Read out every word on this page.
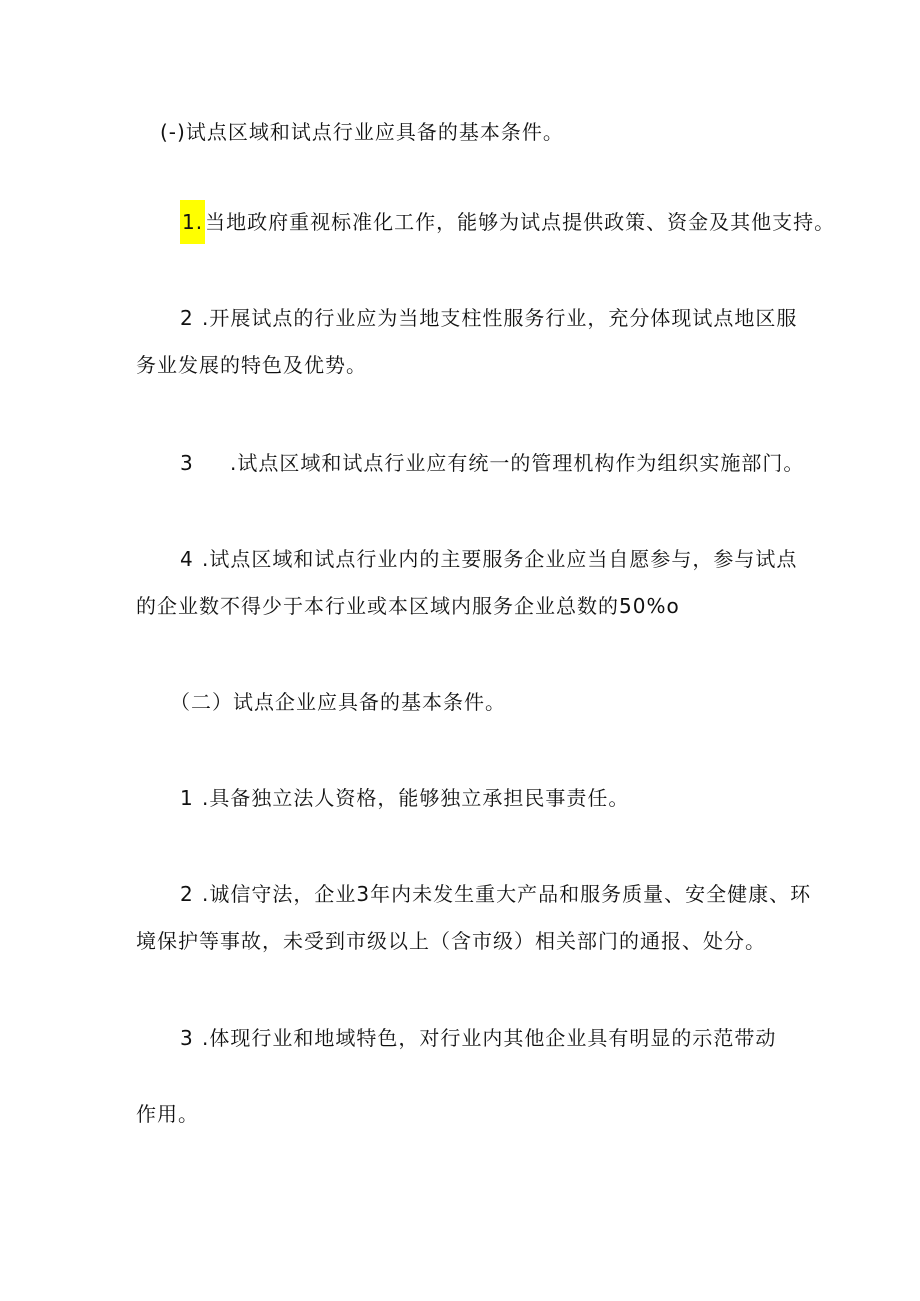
(-)试点区域和试点行业应具备的基本条件。
1. 当地政府重视标准化工作，能够为试点提供政策、资金及其他支持。
2 .开展试点的行业应为当地支柱性服务行业，充分体现试点地区服
务业发展的特色及优势。
3 .试点区域和试点行业应有统一的管理机构作为组织实施部门。
4 .试点区域和试点行业内的主要服务企业应当自愿参与，参与试点
的企业数不得少于本行业或本区域内服务企业总数的50%o
（二）试点企业应具备的基本条件。
1 .具备独立法人资格，能够独立承担民事责任。
2 .诚信守法，企业3年内未发生重大产品和服务质量、安全健康、环
境保护等事故，未受到市级以上（含市级）相关部门的通报、处分。
3 .体现行业和地域特色，对行业内其他企业具有明显的示范带动
作用。
